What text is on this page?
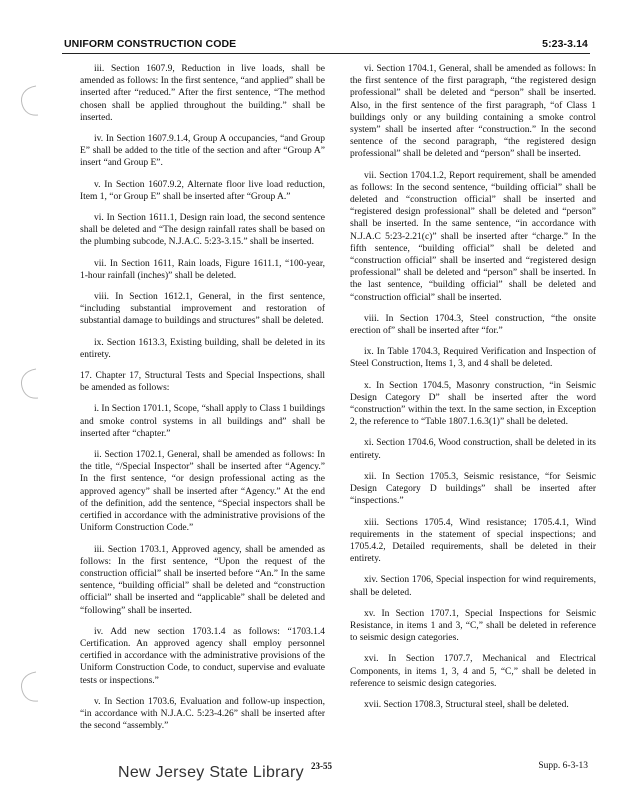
UNIFORM CONSTRUCTION CODE	5:23-3.14

iii. Section 1607.9, Reduction in live loads, shall be amended as follows: In the first sentence, “and applied” shall be inserted after “reduced.” After the first sentence, “The method chosen shall be applied throughout the building.” shall be inserted.

iv. In Section 1607.9.1.4, Group A occupancies, “and Group E” shall be added to the title of the section and after “Group A” insert “and Group E”.

v. In Section 1607.9.2, Alternate floor live load reduction, Item 1, “or Group E” shall be inserted after “Group A.”

vi. In Section 1611.1, Design rain load, the second sentence shall be deleted and “The design rainfall rates shall be based on the plumbing subcode, N.J.A.C. 5:23-3.15.” shall be inserted.

vii. In Section 1611, Rain loads, Figure 1611.1, “100-year, 1-hour rainfall (inches)” shall be deleted.

viii. In Section 1612.1, General, in the first sentence, “including substantial improvement and restoration of substantial damage to buildings and structures” shall be deleted.

ix. Section 1613.3, Existing building, shall be deleted in its entirety.

17. Chapter 17, Structural Tests and Special Inspections, shall be amended as follows:

i. In Section 1701.1, Scope, “shall apply to Class 1 buildings and smoke control systems in all buildings and” shall be inserted after “chapter.”

ii. Section 1702.1, General, shall be amended as follows: In the title, “/Special Inspector” shall be inserted after “Agency.” In the first sentence, “or design professional acting as the approved agency” shall be inserted after “Agency.” At the end of the definition, add the sentence, “Special inspectors shall be certified in accordance with the administrative provisions of the Uniform Construction Code.”

iii. Section 1703.1, Approved agency, shall be amended as follows: In the first sentence, “Upon the request of the construction official” shall be inserted before “An.” In the same sentence, “building official” shall be deleted and “construction official” shall be inserted and “applicable” shall be deleted and “following” shall be inserted.

iv. Add new section 1703.1.4 as follows: “1703.1.4 Certification. An approved agency shall employ personnel certified in accordance with the administrative provisions of the Uniform Construction Code, to conduct, supervise and evaluate tests or inspections.”

v. In Section 1703.6, Evaluation and follow-up inspection, “in accordance with N.J.A.C. 5:23-4.26” shall be inserted after the second “assembly.”

vi. Section 1704.1, General, shall be amended as follows: In the first sentence of the first paragraph, “the registered design professional” shall be deleted and “person” shall be inserted. Also, in the first sentence of the first paragraph, “of Class 1 buildings only or any building containing a smoke control system” shall be inserted after “construction.” In the second sentence of the second paragraph, “the registered design professional” shall be deleted and “person” shall be inserted.

vii. Section 1704.1.2, Report requirement, shall be amended as follows: In the second sentence, “building official” shall be deleted and “construction official” shall be inserted and “registered design professional” shall be deleted and “person” shall be inserted. In the same sentence, “in accordance with N.J.A.C 5:23-2.21(c)” shall be inserted after “charge.” In the fifth sentence, “building official” shall be deleted and “construction official” shall be inserted and “registered design professional” shall be deleted and “person” shall be inserted. In the last sentence, “building official” shall be deleted and “construction official” shall be inserted.

viii. In Section 1704.3, Steel construction, “the onsite erection of” shall be inserted after “for.”

ix. In Table 1704.3, Required Verification and Inspection of Steel Construction, Items 1, 3, and 4 shall be deleted.

x. In Section 1704.5, Masonry construction, “in Seismic Design Category D” shall be inserted after the word “construction” within the text. In the same section, in Exception 2, the reference to “Table 1807.1.6.3(1)” shall be deleted.

xi. Section 1704.6, Wood construction, shall be deleted in its entirety.

xii. In Section 1705.3, Seismic resistance, “for Seismic Design Category D buildings” shall be inserted after “inspections.”

xiii. Sections 1705.4, Wind resistance; 1705.4.1, Wind requirements in the statement of special inspections; and 1705.4.2, Detailed requirements, shall be deleted in their entirety.

xiv. Section 1706, Special inspection for wind requirements, shall be deleted.

xv. In Section 1707.1, Special Inspections for Seismic Resistance, in items 1 and 3, “C,” shall be deleted in reference to seismic design categories.

xvi. In Section 1707.7, Mechanical and Electrical Components, in items 1, 3, 4 and 5, “C,” shall be deleted in reference to seismic design categories.

xvii. Section 1708.3, Structural steel, shall be deleted.

New Jersey State Library 23-55	Supp. 6-3-13
